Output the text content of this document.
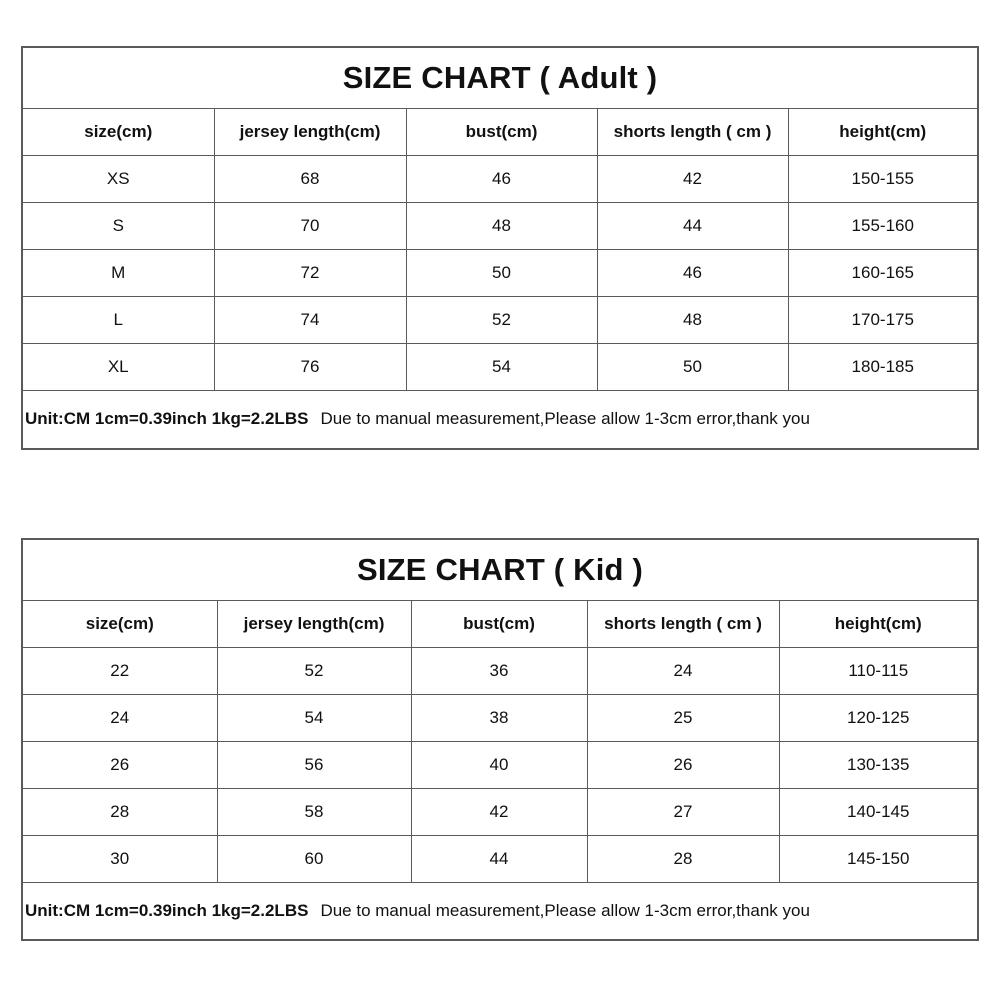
SIZE CHART ( Adult )
size(cm)	jersey length(cm)	bust(cm)	shorts length ( cm )	height(cm)
XS	68	46	42	150-155
S	70	48	44	155-160
M	72	50	46	160-165
L	74	52	48	170-175
XL	76	54	50	180-185
Unit:CM 1cm=0.39inch 1kg=2.2LBS Due to manual measurement,Please allow 1-3cm error,thank you
SIZE CHART ( Kid )
size(cm)	jersey length(cm)	bust(cm)	shorts length ( cm )	height(cm)
22	52	36	24	110-115
24	54	38	25	120-125
26	56	40	26	130-135
28	58	42	27	140-145
30	60	44	28	145-150
Unit:CM 1cm=0.39inch 1kg=2.2LBS Due to manual measurement,Please allow 1-3cm error,thank you
